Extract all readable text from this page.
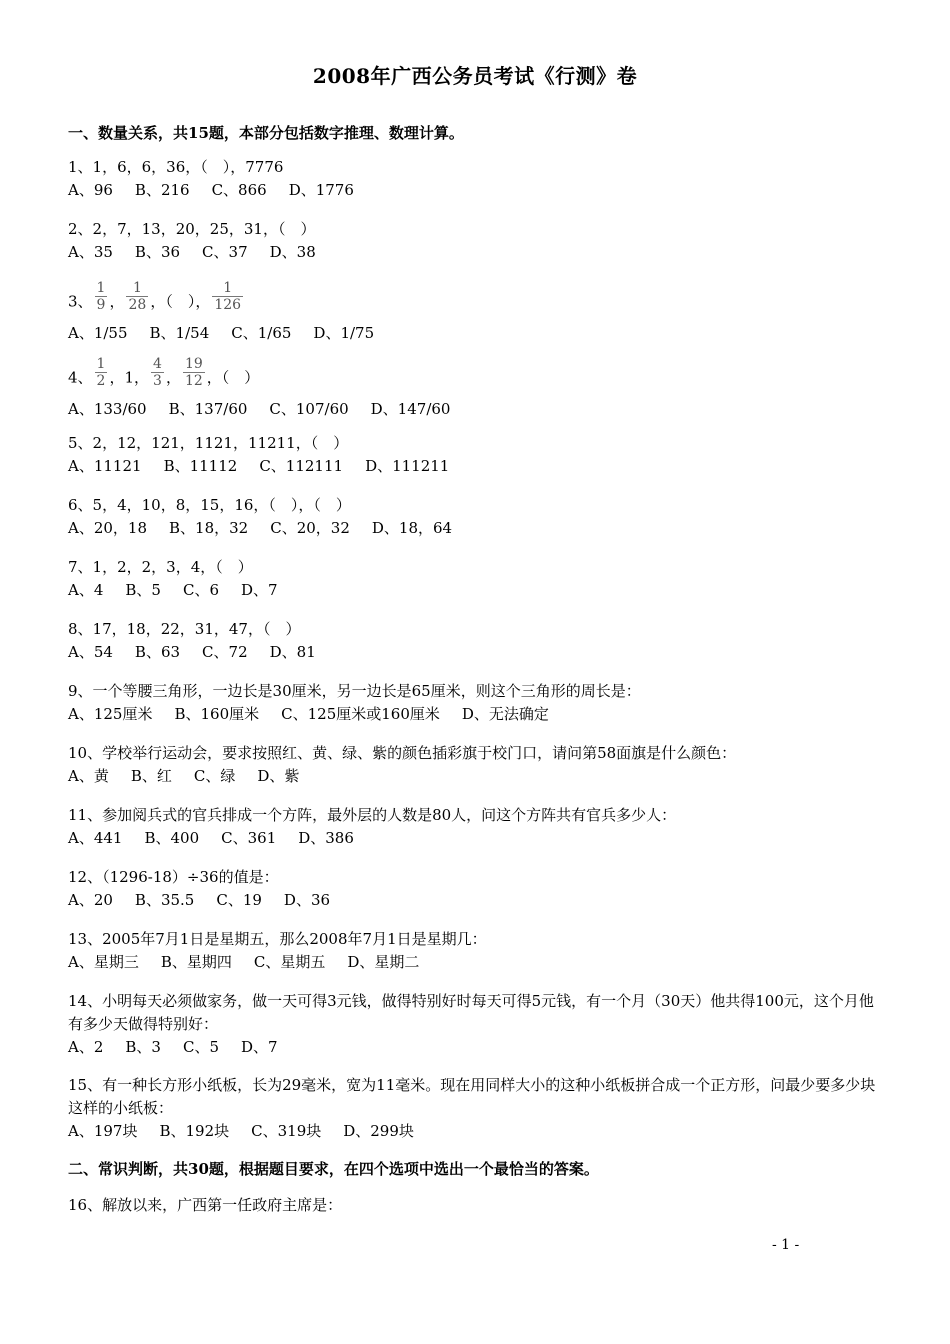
2008年广西公务员考试《行测》卷
一、数量关系，共15题，本部分包括数字推理、数理计算。
1、1，6，6，36，（　），7776
A、96 B、216 C、866 D、1776
2、2，7，13，20，25，31，（　）
A、35 B、36 C、37 D、38
3、 $\frac{1}{9}$ ， $\frac{1}{28}$ ，（　）， $\frac{1}{126}$
A、1/55 B、1/54 C、1/65 D、1/75
4、 $\frac{1}{2}$ ，1， $\frac{4}{3}$ ， $\frac{19}{12}$ ，（　）
A、133/60 B、137/60 C、107/60 D、147/60
5、2，12，121，1121，11211，（　）
A、11121 B、11112 C、112111 D、111211
6、5，4，10，8，15，16，（　），（　）
A、20，18 B、18，32 C、20，32 D、18，64
7、1，2，2，3，4，（　）
A、4 B、5 C、6 D、7
8、17，18，22，31，47，（　）
A、54 B、63 C、72 D、81
9、一个等腰三角形，一边长是30厘米，另一边长是65厘米，则这个三角形的周长是：
A、125厘米 B、160厘米 C、125厘米或160厘米 D、无法确定
10、学校举行运动会，要求按照红、黄、绿、紫的颜色插彩旗于校门口，请问第58面旗是什么颜色：
A、黄 B、红 C、绿 D、紫
11、参加阅兵式的官兵排成一个方阵，最外层的人数是80人，问这个方阵共有官兵多少人：
A、441 B、400 C、361 D、386
12、（1296-18）÷36的值是：
A、20 B、35.5 C、19 D、36
13、2005年7月1日是星期五，那么2008年7月1日是星期几：
A、星期三 B、星期四 C、星期五 D、星期二
14、小明每天必须做家务，做一天可得3元钱，做得特别好时每天可得5元钱，有一个月（30天）他共得100元，这个月他有多少天做得特别好：
A、2 B、3 C、5 D、7
15、有一种长方形小纸板，长为29毫米，宽为11毫米。现在用同样大小的这种小纸板拼合成一个正方形，问最少要多少块这样的小纸板：
A、197块 B、192块 C、319块 D、299块
二、常识判断，共30题，根据题目要求，在四个选项中选出一个最恰当的答案。
16、解放以来，广西第一任政府主席是：
- 1 -
